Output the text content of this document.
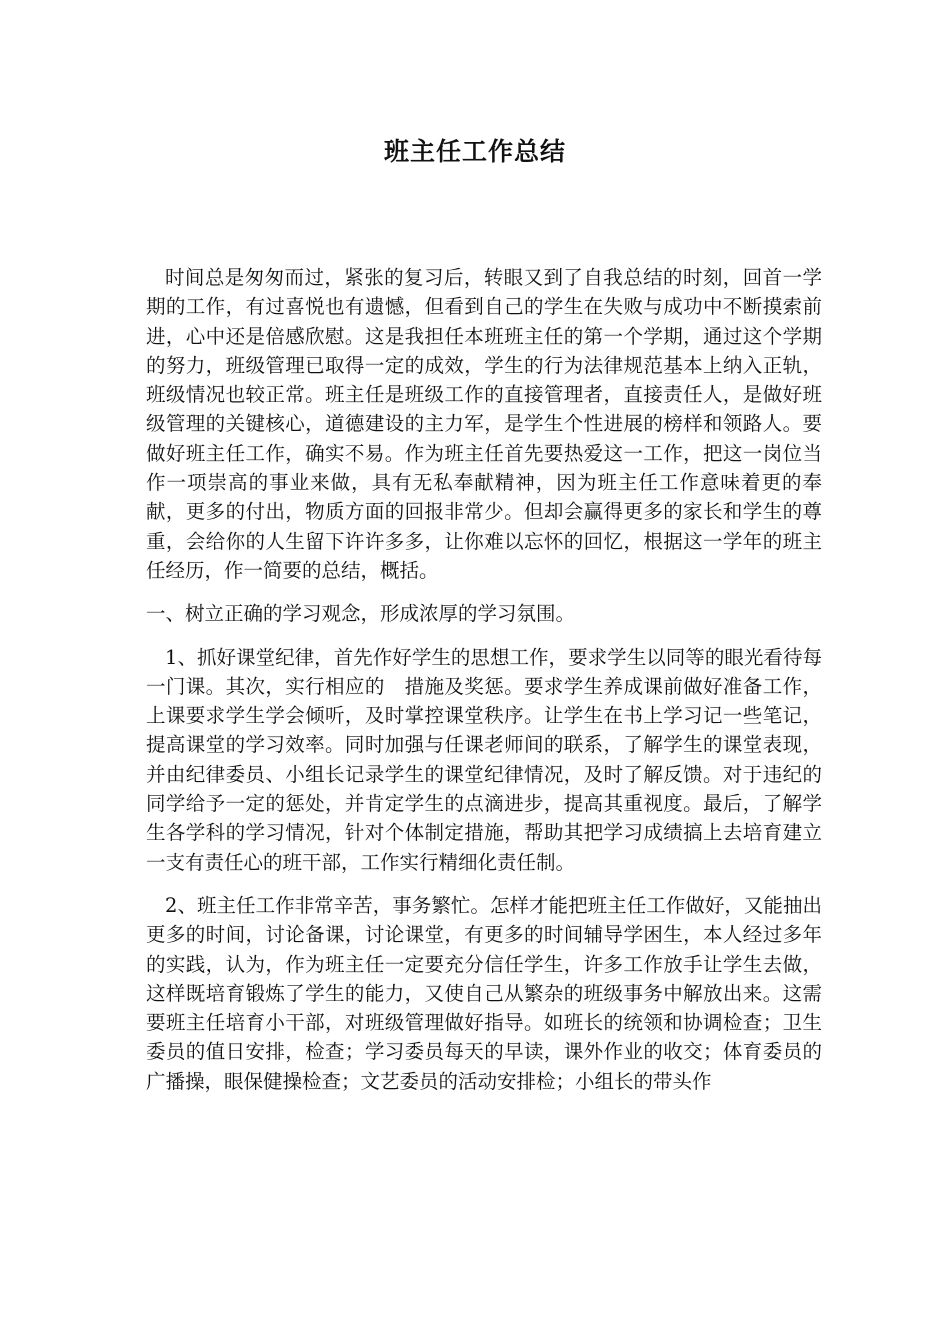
班主任工作总结

时间总是匆匆而过，紧张的复习后，转眼又到了自我总结的时刻，回首一学期的工作，有过喜悦也有遗憾，但看到自己的学生在失败与成功中不断摸索前进，心中还是倍感欣慰。这是我担任本班班主任的第一个学期，通过这个学期的努力，班级管理已取得一定的成效，学生的行为法律规范基本上纳入正轨，班级情况也较正常。班主任是班级工作的直接管理者，直接责任人，是做好班级管理的关键核心，道德建设的主力军，是学生个性进展的榜样和领路人。要做好班主任工作，确实不易。作为班主任首先要热爱这一工作，把这一岗位当作一项崇高的事业来做，具有无私奉献精神，因为班主任工作意味着更的奉献，更多的付出，物质方面的回报非常少。但却会赢得更多的家长和学生的尊重，会给你的人生留下许许多多，让你难以忘怀的回忆，根据这一学年的班主任经历，作一简要的总结，概括。

一、树立正确的学习观念，形成浓厚的学习氛围。

1、抓好课堂纪律，首先作好学生的思想工作，要求学生以同等的眼光看待每一门课。其次，实行相应的　措施及奖惩。要求学生养成课前做好准备工作，上课要求学生学会倾听，及时掌控课堂秩序。让学生在书上学习记一些笔记，提高课堂的学习效率。同时加强与任课老师间的联系，了解学生的课堂表现，并由纪律委员、小组长记录学生的课堂纪律情况，及时了解反馈。对于违纪的同学给予一定的惩处，并肯定学生的点滴进步，提高其重视度。最后，了解学生各学科的学习情况，针对个体制定措施，帮助其把学习成绩搞上去培育建立一支有责任心的班干部，工作实行精细化责任制。

2、班主任工作非常辛苦，事务繁忙。怎样才能把班主任工作做好，又能抽出更多的时间，讨论备课，讨论课堂，有更多的时间辅导学困生，本人经过多年的实践，认为，作为班主任一定要充分信任学生，许多工作放手让学生去做，这样既培育锻炼了学生的能力，又使自己从繁杂的班级事务中解放出来。这需要班主任培育小干部，对班级管理做好指导。如班长的统领和协调检查；卫生委员的值日安排，检查；学习委员每天的早读，课外作业的收交；体育委员的广播操，眼保健操检查；文艺委员的活动安排检；小组长的带头作
